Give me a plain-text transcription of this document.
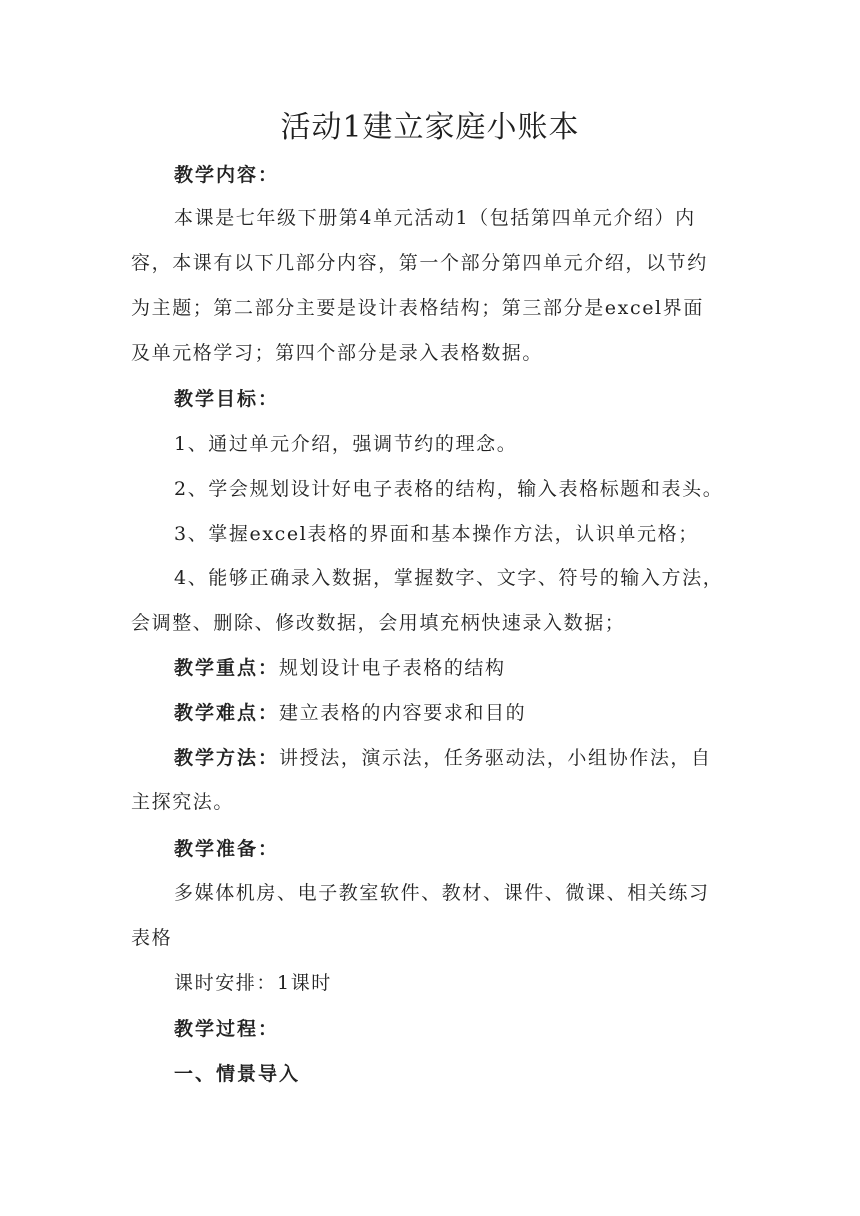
活动1建立家庭小账本
教学内容：
本课是七年级下册第4单元活动1（包括第四单元介绍）内
容，本课有以下几部分内容，第一个部分第四单元介绍，以节约
为主题；第二部分主要是设计表格结构；第三部分是excel界面
及单元格学习；第四个部分是录入表格数据。
教学目标：
1、通过单元介绍，强调节约的理念。
2、学会规划设计好电子表格的结构，输入表格标题和表头。
3、掌握excel表格的界面和基本操作方法，认识单元格；
4、能够正确录入数据，掌握数字、文字、符号的输入方法，
会调整、删除、修改数据，会用填充柄快速录入数据；
教学重点：规划设计电子表格的结构
教学难点：建立表格的内容要求和目的
教学方法：讲授法，演示法，任务驱动法，小组协作法，自
主探究法。
教学准备：
多媒体机房、电子教室软件、教材、课件、微课、相关练习
表格
课时安排：1课时
教学过程：
一、情景导入
